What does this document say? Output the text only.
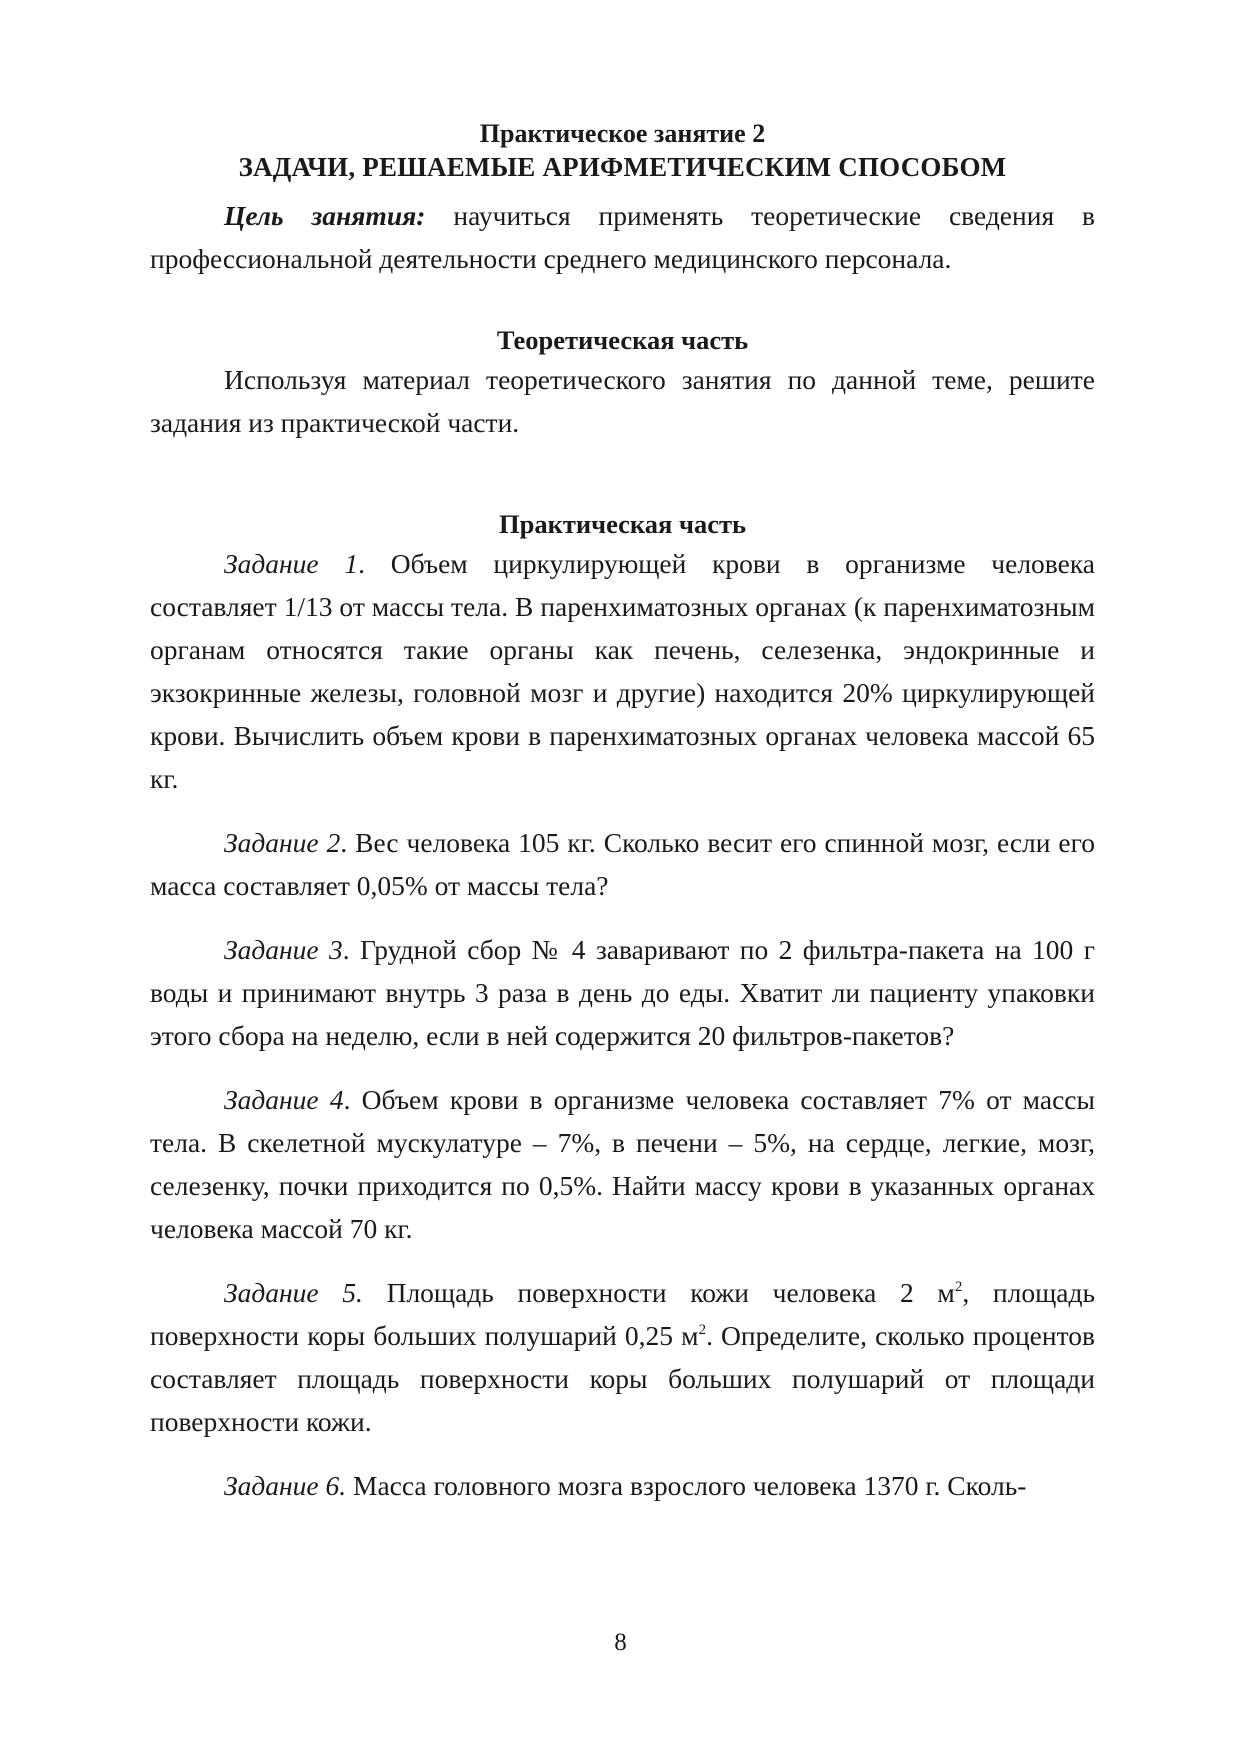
Практическое занятие 2

ЗАДАЧИ, РЕШАЕМЫЕ АРИФМЕТИЧЕСКИМ СПОСОБОМ

Цель занятия: научиться применять теоретические сведения в профессиональной деятельности среднего медицинского персонала.

Теоретическая часть

Используя материал теоретического занятия по данной теме, решите задания из практической части.

Практическая часть

Задание 1. Объем циркулирующей крови в организме человека составляет 1/13 от массы тела. В паренхиматозных органах (к паренхиматозным органам относятся такие органы как печень, селезенка, эндокринные и экзокринные железы, головной мозг и другие) находится 20% циркулирующей крови. Вычислить объем крови в паренхиматозных органах человека массой 65 кг.

Задание 2. Вес человека 105 кг. Сколько весит его спинной мозг, если его масса составляет 0,05% от массы тела?

Задание 3. Грудной сбор № 4 заваривают по 2 фильтра-пакета на 100 г воды и принимают внутрь 3 раза в день до еды. Хватит ли пациенту упаковки этого сбора на неделю, если в ней содержится 20 фильтров-пакетов?

Задание 4. Объем крови в организме человека составляет 7% от массы тела. В скелетной мускулатуре – 7%, в печени – 5%, на сердце, легкие, мозг, селезенку, почки приходится по 0,5%. Найти массу крови в указанных органах человека массой 70 кг.

Задание 5. Площадь поверхности кожи человека 2 $м^2$, площадь поверхности коры больших полушарий 0,25 $м^2$. Определите, сколько процентов составляет площадь поверхности коры больших полушарий от площади поверхности кожи.

Задание 6. Масса головного мозга взрослого человека 1370 г. Сколь-

8
